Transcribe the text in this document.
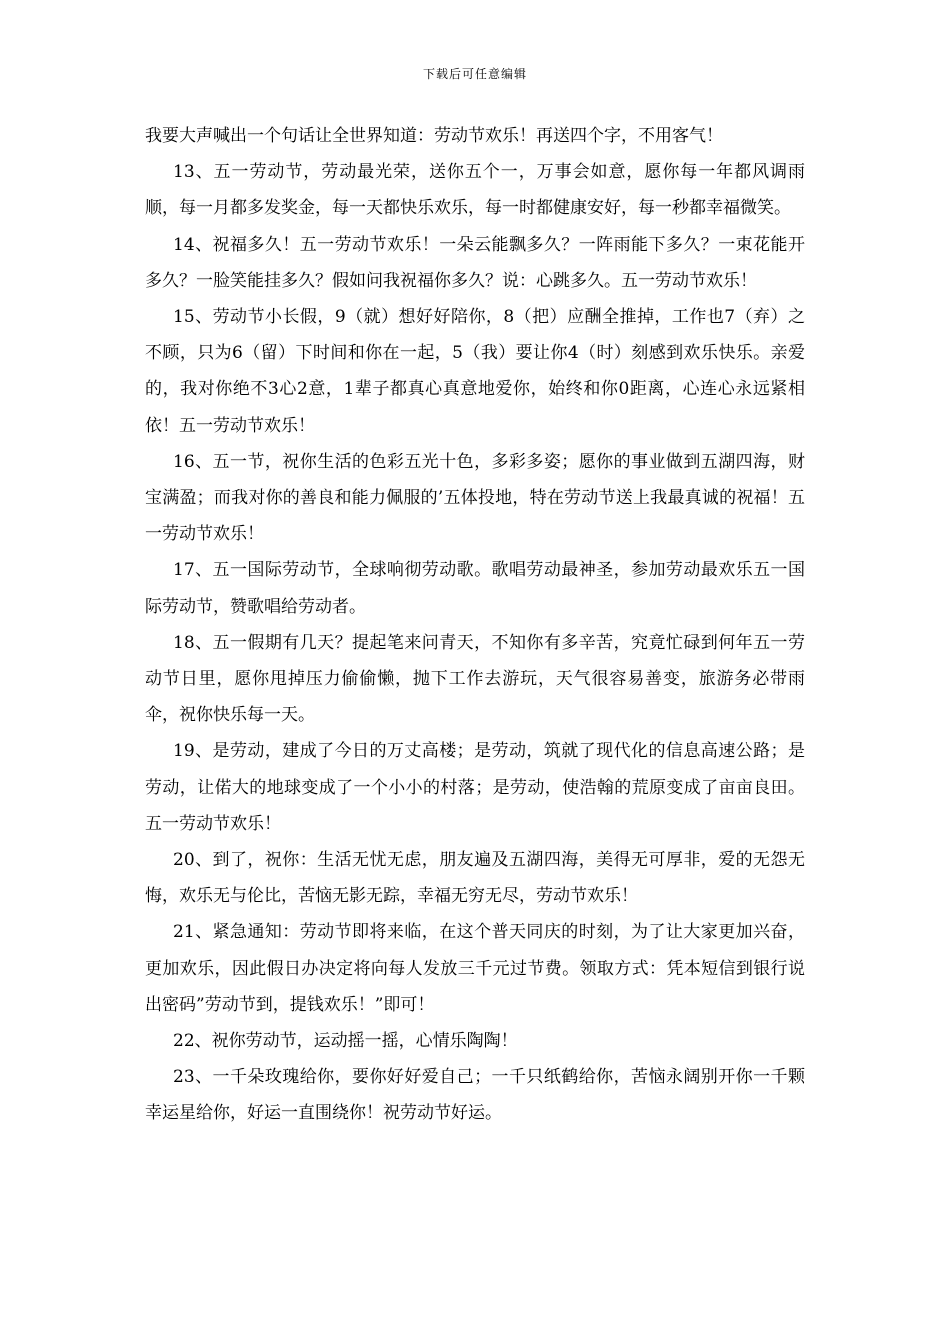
下载后可任意编辑

我要大声喊出一个句话让全世界知道：劳动节欢乐！再送四个字，不用客气！

13、五一劳动节，劳动最光荣，送你五个一，万事会如意，愿你每一年都风调雨顺，每一月都多发奖金，每一天都快乐欢乐，每一时都健康安好，每一秒都幸福微笑。

14、祝福多久！五一劳动节欢乐！一朵云能飘多久？一阵雨能下多久？一束花能开多久？一脸笑能挂多久？假如问我祝福你多久？说：心跳多久。五一劳动节欢乐！

15、劳动节小长假，9（就）想好好陪你，8（把）应酬全推掉，工作也7（弃）之不顾，只为6（留）下时间和你在一起，5（我）要让你4（时）刻感到欢乐快乐。亲爱的，我对你绝不3心2意，1辈子都真心真意地爱你，始终和你0距离，心连心永远紧相依！五一劳动节欢乐！

16、五一节，祝你生活的色彩五光十色，多彩多姿；愿你的事业做到五湖四海，财宝满盈；而我对你的善良和能力佩服的’五体投地，特在劳动节送上我最真诚的祝福！五一劳动节欢乐！

17、五一国际劳动节，全球响彻劳动歌。歌唱劳动最神圣，参加劳动最欢乐五一国际劳动节，赞歌唱给劳动者。

18、五一假期有几天？提起笔来问青天，不知你有多辛苦，究竟忙碌到何年五一劳动节日里，愿你甩掉压力偷偷懒，抛下工作去游玩，天气很容易善变，旅游务必带雨伞，祝你快乐每一天。

19、是劳动，建成了今日的万丈高楼；是劳动，筑就了现代化的信息高速公路；是劳动，让偌大的地球变成了一个小小的村落；是劳动，使浩翰的荒原变成了亩亩良田。五一劳动节欢乐！

20、到了，祝你：生活无忧无虑，朋友遍及五湖四海，美得无可厚非，爱的无怨无悔，欢乐无与伦比，苦恼无影无踪，幸福无穷无尽，劳动节欢乐！

21、紧急通知：劳动节即将来临，在这个普天同庆的时刻，为了让大家更加兴奋，更加欢乐，因此假日办决定将向每人发放三千元过节费。领取方式：凭本短信到银行说出密码”劳动节到，提钱欢乐！”即可！

22、祝你劳动节，运动摇一摇，心情乐陶陶！

23、一千朵玫瑰给你，要你好好爱自己；一千只纸鹤给你，苦恼永阔别开你一千颗幸运星给你，好运一直围绕你！祝劳动节好运。
